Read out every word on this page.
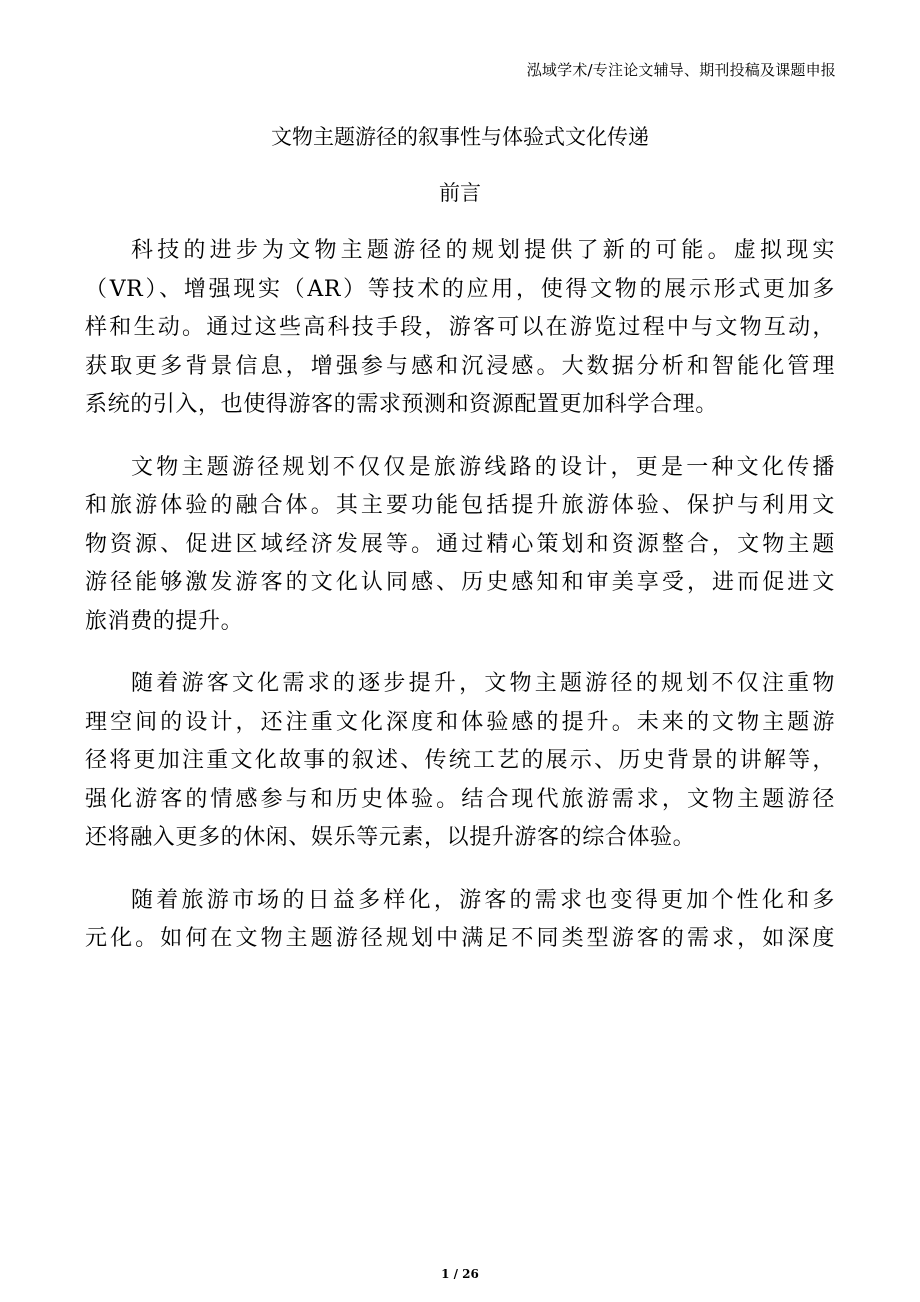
泓域学术/专注论文辅导、期刊投稿及课题申报
文物主题游径的叙事性与体验式文化传递
前言
科技的进步为文物主题游径的规划提供了新的可能。虚拟现实
（VR）、增强现实（AR）等技术的应用，使得文物的展示形式更加多
样和生动。通过这些高科技手段，游客可以在游览过程中与文物互动，
获取更多背景信息，增强参与感和沉浸感。大数据分析和智能化管理
系统的引入，也使得游客的需求预测和资源配置更加科学合理。
文物主题游径规划不仅仅是旅游线路的设计，更是一种文化传播
和旅游体验的融合体。其主要功能包括提升旅游体验、保护与利用文
物资源、促进区域经济发展等。通过精心策划和资源整合，文物主题
游径能够激发游客的文化认同感、历史感知和审美享受，进而促进文
旅消费的提升。
随着游客文化需求的逐步提升，文物主题游径的规划不仅注重物
理空间的设计，还注重文化深度和体验感的提升。未来的文物主题游
径将更加注重文化故事的叙述、传统工艺的展示、历史背景的讲解等，
强化游客的情感参与和历史体验。结合现代旅游需求，文物主题游径
还将融入更多的休闲、娱乐等元素，以提升游客的综合体验。
随着旅游市场的日益多样化，游客的需求也变得更加个性化和多
元化。如何在文物主题游径规划中满足不同类型游客的需求，如深度
1 / 26
